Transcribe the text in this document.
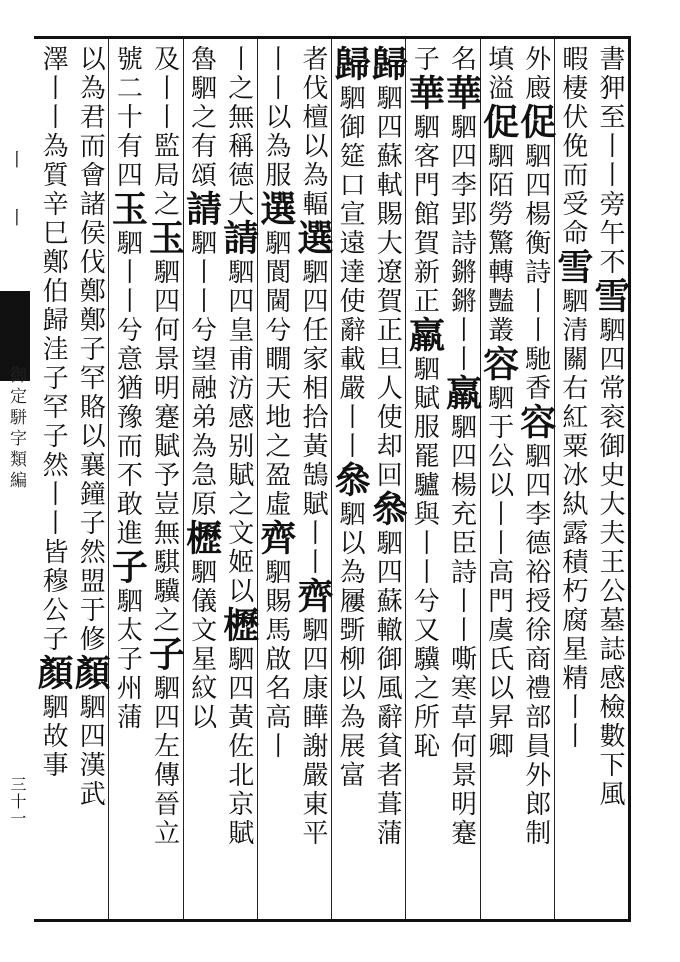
丨
丨
御定駢字類編
三十一
書狎至丨丨旁午不雪駟四常衮御史大夫王公墓誌感檢數下風
暇棲伏俛而受命雪駟清關右紅粟冰紈露積朽腐星精丨丨
外廄促駟四楊衡詩丨丨馳香容駟四李德裕授徐商禮部員外郎制
填溢促駟陌勞驚轉豔叢容駟于公以丨丨高門虞氏以昇卿
名華駟四李郢詩鏘鏘丨丨羸駟四楊充臣詩丨丨嘶寒草何景明蹇
子華駟客門館賀新正羸駟賦服罷驢與丨丨兮又驥之所恥
歸駟四蘇軾賜大遼賀正旦人使却回叅駟四蘇轍御風辭貧者葺蒲
歸駟御筵口宣遠達使辭載嚴丨丨叅駟以為屨斲柳以為展富
者伐檀以為輻選駟四任家相拾黃鵠賦丨丨齊駟四康瞱謝嚴東平
丨丨以為服選駟閬閫兮瞯天地之盈虛齊駟賜馬啟名高丨
丨之無稱德大請駟四皇甫汸感别賦之文姬以櫪駟四黃佐北京賦
魯駟之有頌請駟丨丨兮望融弟為急原櫪駟儀文星紋以
及丨丨監局之玉駟四何景明蹇賦予豈無騏驥之子駟四左傳晉立
號二十有四玉駟丨丨兮意猶豫而不敢進子駟太子州蒲
以為君而會諸侯伐鄭鄭子罕賂以襄鐘子然盟于修顏駟四漢武
澤丨丨為質辛巳鄭伯歸洼子罕子然丨丨皆穆公子顏駟故事
